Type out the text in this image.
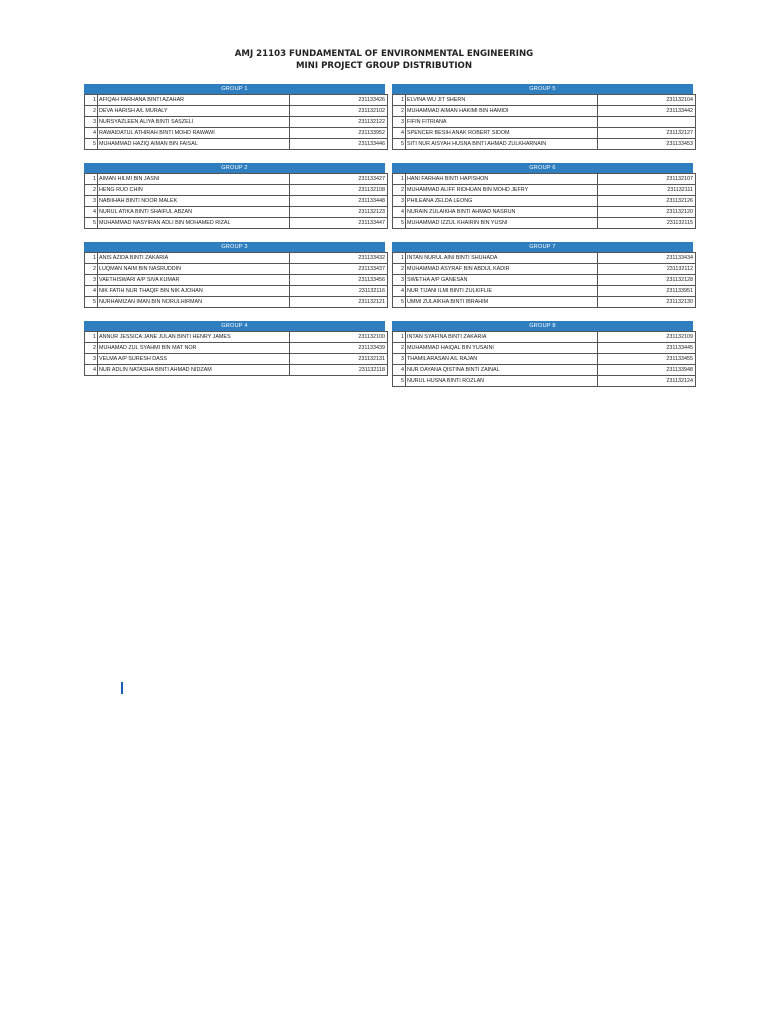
AMJ 21103 FUNDAMENTAL OF ENVIRONMENTAL ENGINEERING
MINI PROJECT GROUP DISTRIBUTION
GROUP 1
1	AFIQAH FARHANA BINTI AZAHAR	231133426
2	DEVA HARISH A/L MURALY	231132102
3	NURSYAZLEEN ALIYA BINTI SASZELI	231132122
4	RAWAIDATUL ATHIRAH BINTI MOHD RAWAWI	231133952
5	MUHAMMAD HAZIQ AIMAN BIN FAISAL	231133446
GROUP 2
1	AIMAN HILMI BIN JASNI	231133427
2	HENG RUO CHIN	231132108
3	NABIIHAH BINTI NOOR MALEK	231133448
4	NURUL ATIKA BINTI SHAIFUL ABZAN	231132123
5	MUHAMMAD NASYIRAN ADLI BIN MOHAMED RIZAL	231133447
GROUP 3
1	ANIS AZIDA BINTI ZAKARIA	231133432
2	LUQMAN NAIM BIN NASRUDDIN	231133437
3	VAETHISWARI A/P SIVA KUMAR	231133456
4	NIK FATIH NUR THAQIF BIN NIK AJOHAN	231132116
5	NURHAMIZAN IMAN BIN NORULHIRMAN	231132121
GROUP 4
1	ANNUR JESSICA JANE JULAN BINTI HENRY JAMES	231132100
2	MUHAMAD ZUL SYAHMI BIN MAT NOR	231133439
3	VELMA A/P SURESH DASS	231132131
4	NUR ADLIN NATASHA BINTI AHMAD NIDZAM	231132118
GROUP 5
1	ELVINA WU JIT SHERN	231132104
2	MUHAMMAD AIMAN HAKIMI BIN HAMIDI	231133442
3	FIFIN FITRIANA	
4	SPENCER BESIH ANAK ROBERT SIDOM	231132127
5	SITI NUR AISYAH HUSNA BINTI AHMAD ZULKHARNAIN	231133453
GROUP 6
1	HANI FARHAH BINTI HAPISHON	231132107
2	MUHAMMAD ALIFF RIDHUAN BIN MOHD JEFRY	231132111
3	PHILEANA ZELDA LEONG	231132126
4	NURAIN ZULAIKHA BINTI AHMAD NASRUN	231132120
5	MUHAMMAD IZZUL KHAIRIN BIN YUSNI	231132115
GROUP 7
1	INTAN NURUL AINI BINTI SHUHADA	231133434
2	MUHAMMAD ASYRAF BIN ABDUL KADIR	231132112
3	SWETHA A/P GANESAN	231132128
4	NUR TIJANI ILMI BINTI ZULKIFLIE	231133951
5	UMMI ZULAIKHA BINTI IBRAHIM	231132130
GROUP 8
1	INTAN SYAFINA BINTI ZAKARIA	231132109
2	MUHAMMAD HAIQAL BIN YUSAINI	231133445
3	THAMILARASAN A/L RAJAN	231133455
4	NUR DAYANA QISTINA BINTI ZAINAL	231133948
5	NURUL HUSNA BINTI ROZLAN	231132124
